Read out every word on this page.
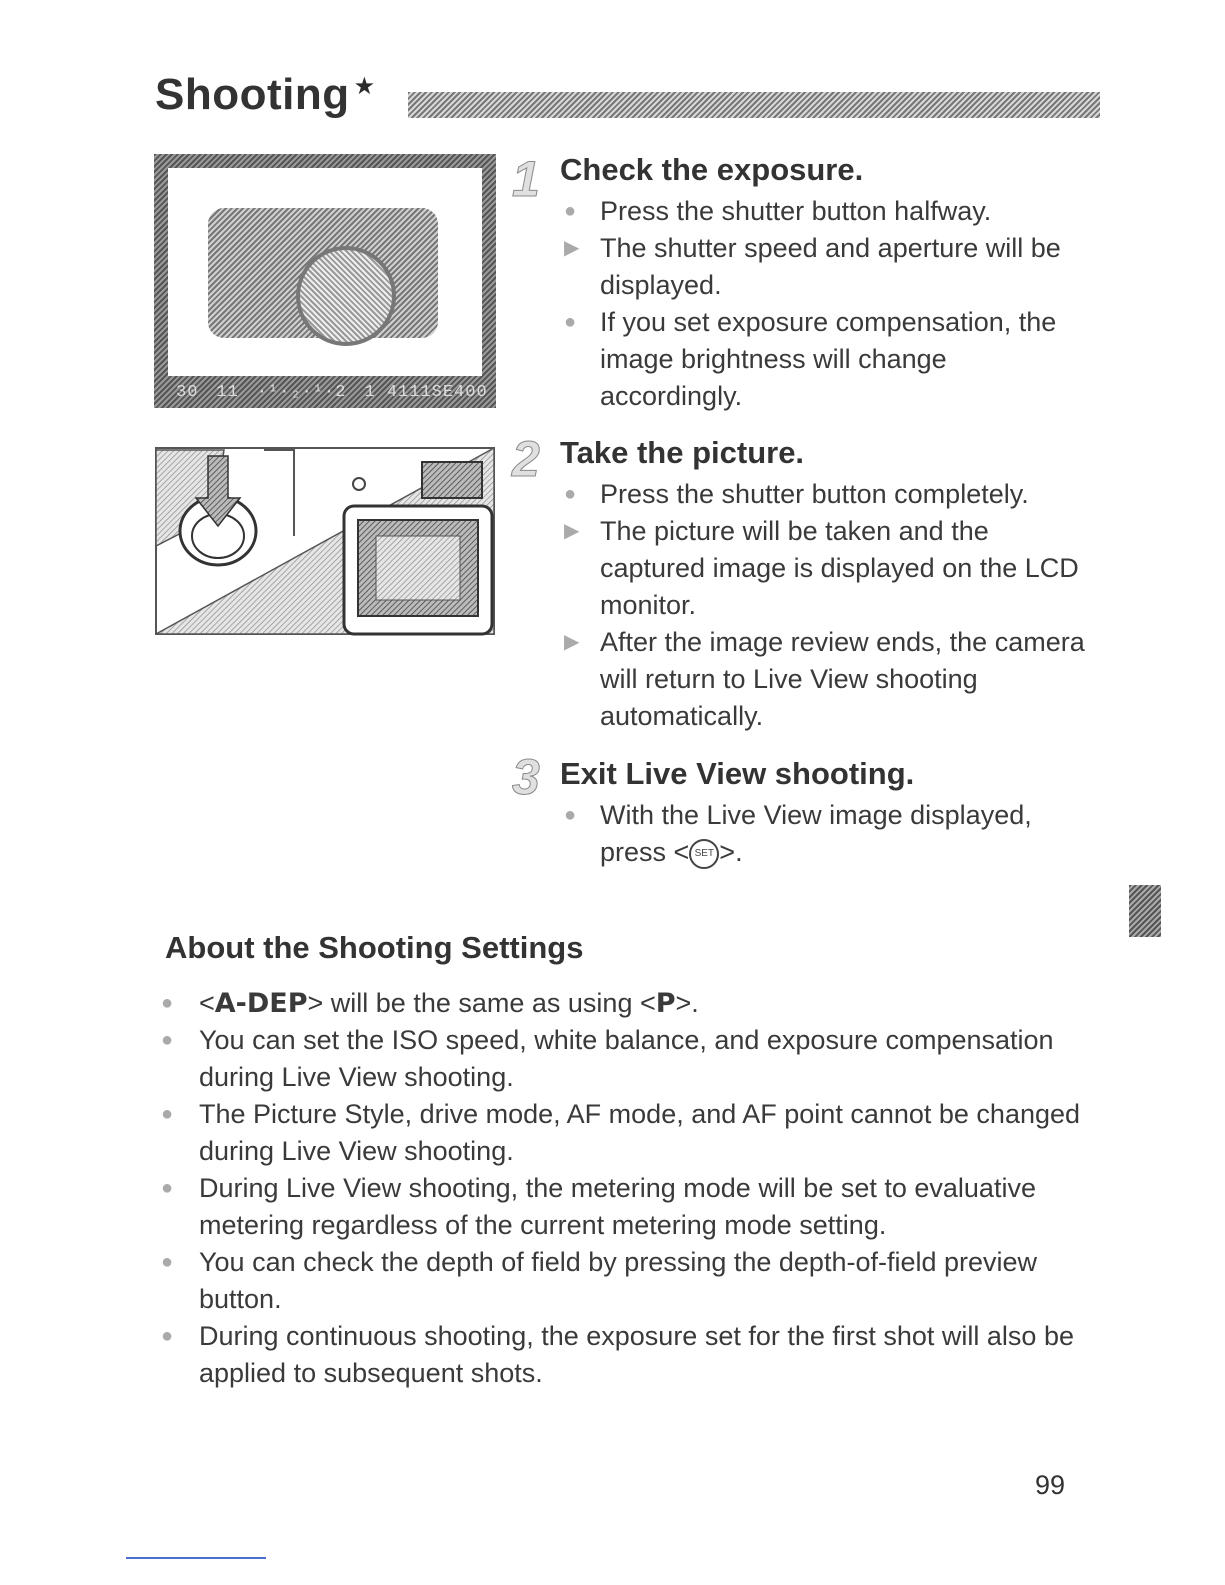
Shooting ★
30 11 ·¹·₂·¹·2 1 4111SE400
1 Check the exposure.
● Press the shutter button halfway.
▶ The shutter speed and aperture will be displayed.
● If you set exposure compensation, the image brightness will change accordingly.
2 Take the picture.
● Press the shutter button completely.
▶ The picture will be taken and the captured image is displayed on the LCD monitor.
▶ After the image review ends, the camera will return to Live View shooting automatically.
3 Exit Live View shooting.
● With the Live View image displayed, press < SET >.
About the Shooting Settings
● <A-DEP> will be the same as using <P>.
● You can set the ISO speed, white balance, and exposure compensation during Live View shooting.
● The Picture Style, drive mode, AF mode, and AF point cannot be changed during Live View shooting.
● During Live View shooting, the metering mode will be set to evaluative metering regardless of the current metering mode setting.
● You can check the depth of field by pressing the depth-of-field preview button.
● During continuous shooting, the exposure set for the first shot will also be applied to subsequent shots.
99
